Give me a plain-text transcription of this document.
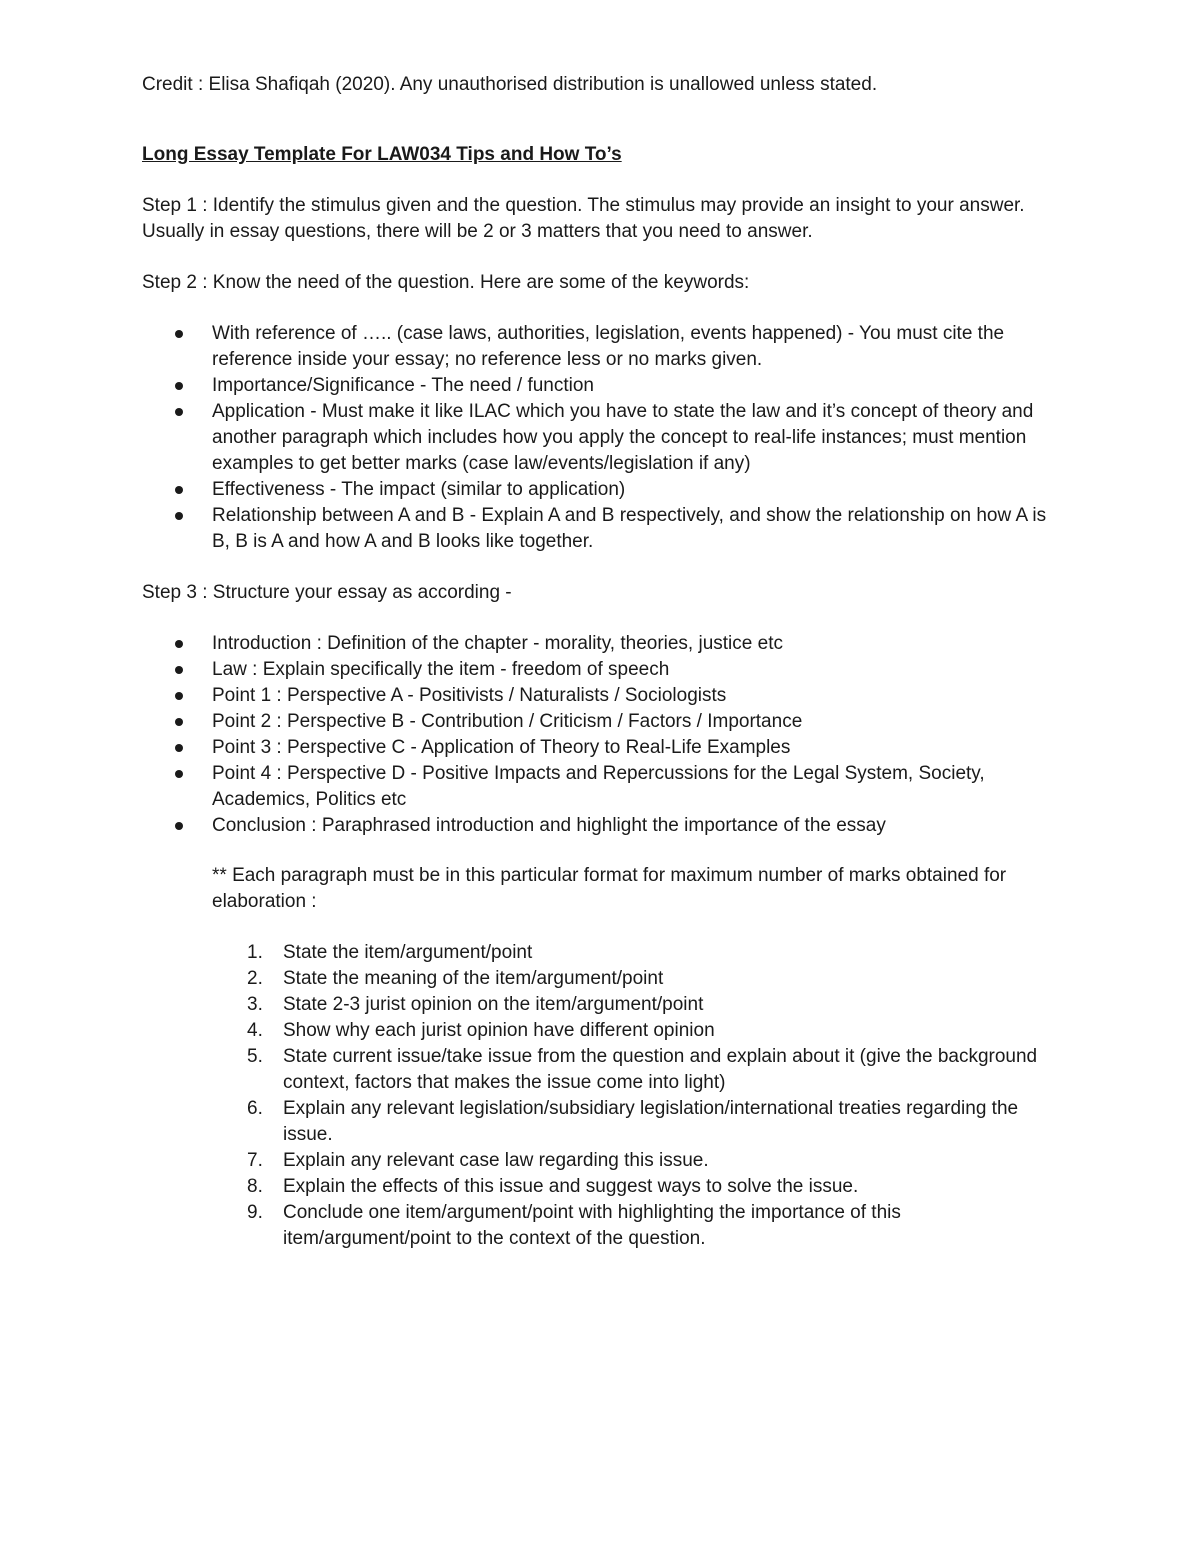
Credit : Elisa Shafiqah (2020). Any unauthorised distribution is unallowed unless stated.

Long Essay Template For LAW034 Tips and How To’s

Step 1 : Identify the stimulus given and the question. The stimulus may provide an insight to your answer. Usually in essay questions, there will be 2 or 3 matters that you need to answer.

Step 2 : Know the need of the question. Here are some of the keywords:

With reference of ….. (case laws, authorities, legislation, events happened) - You must cite the reference inside your essay; no reference less or no marks given.
Importance/Significance - The need / function
Application - Must make it like ILAC which you have to state the law and it’s concept of theory and another paragraph which includes how you apply the concept to real-life instances; must mention examples to get better marks (case law/events/legislation if any)
Effectiveness - The impact (similar to application)
Relationship between A and B - Explain A and B respectively, and show the relationship on how A is B, B is A and how A and B looks like together.

Step 3 : Structure your essay as according -

Introduction : Definition of the chapter - morality, theories, justice etc
Law : Explain specifically the item - freedom of speech
Point 1 : Perspective A - Positivists / Naturalists / Sociologists
Point 2 : Perspective B - Contribution / Criticism / Factors / Importance
Point 3 : Perspective C - Application of Theory to Real-Life Examples
Point 4 : Perspective D - Positive Impacts and Repercussions for the Legal System, Society, Academics, Politics etc
Conclusion : Paraphrased introduction and highlight the importance of the essay

** Each paragraph must be in this particular format for maximum number of marks obtained for elaboration :

1. State the item/argument/point
2. State the meaning of the item/argument/point
3. State 2-3 jurist opinion on the item/argument/point
4. Show why each jurist opinion have different opinion
5. State current issue/take issue from the question and explain about it (give the background context, factors that makes the issue come into light)
6. Explain any relevant legislation/subsidiary legislation/international treaties regarding the issue.
7. Explain any relevant case law regarding this issue.
8. Explain the effects of this issue and suggest ways to solve the issue.
9. Conclude one item/argument/point with highlighting the importance of this item/argument/point to the context of the question.
